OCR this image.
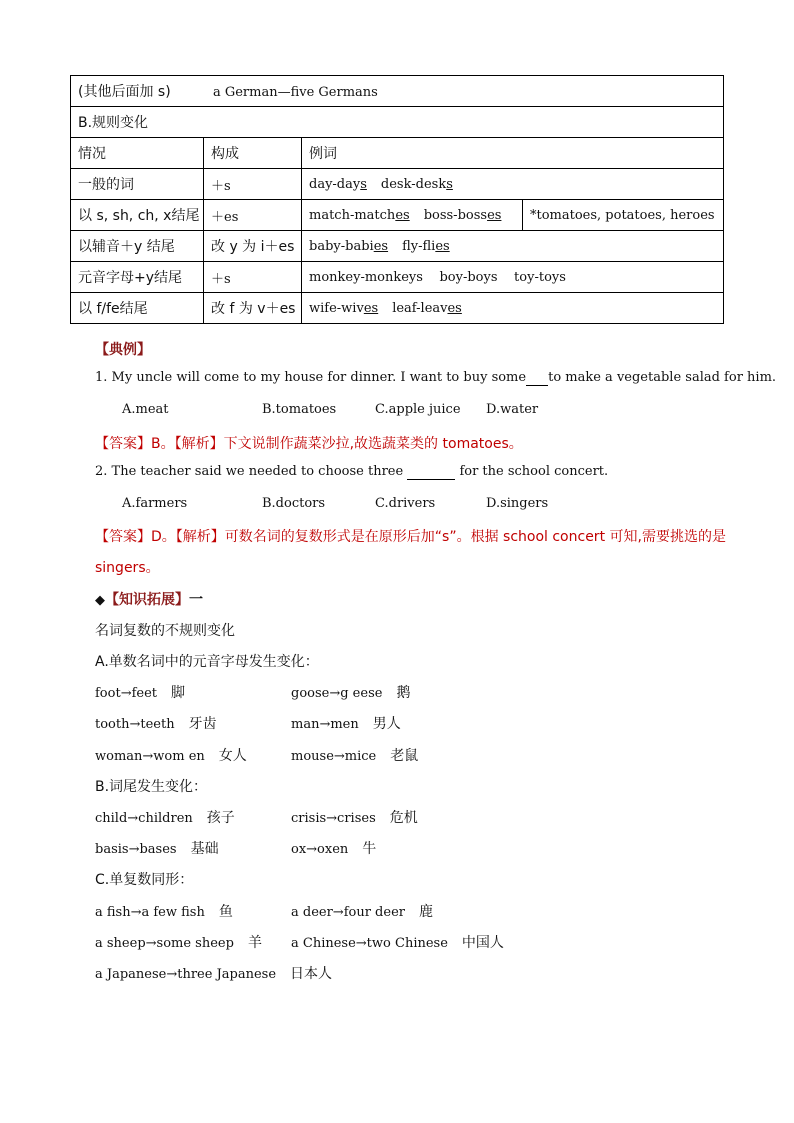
(其他后面加 s) a German—five Germans			
B.规则变化			
情况	构成	例词	
一般的词	＋s	day-days desk-desks	
以 s, sh, ch, x结尾	＋es	match-matches boss-bosses	*tomatoes, potatoes, heroes
以辅音＋y 结尾	改 y 为 i＋es	baby-babies fly-flies	
元音字母+y结尾	＋s	monkey-monkeys    boy-boys    toy-toys	
以 f/fe结尾	改 f 为 v＋es	wife-wives leaf-leaves	
【典例】
1. My uncle will come to my house for dinner. I want to buy some to make a vegetable salad for him.
A.meat	B.tomatoes	C.apple juice D.water
【答案】B。【解析】下文说制作蔬菜沙拉,故选蔬菜类的 tomatoes。
2. The teacher said we needed to choose three	for the school concert.
A.farmers	B.doctors	C.drivers	D.singers
【答案】D。【解析】可数名词的复数形式是在原形后加“s”。根据 school concert 可知,需要挑选的是
singers。
◆【知识拓展】一
名词复数的不规则变化
A.单数名词中的元音字母发生变化：
foot→feet 脚	goose→g eese 鹅
tooth→teeth 牙齿	man→men 男人
woman→wom en 女人	mouse→mice 老鼠
B.词尾发生变化：
child→children 孩子	crisis→crises 危机
basis→bases 基础	ox→oxen 牛
C.单复数同形：
a fish→a few fish 鱼	a deer→four deer 鹿
a sheep→some sheep 羊 a Chinese→two Chinese 中国人
a Japanese→three Japanese 日本人
